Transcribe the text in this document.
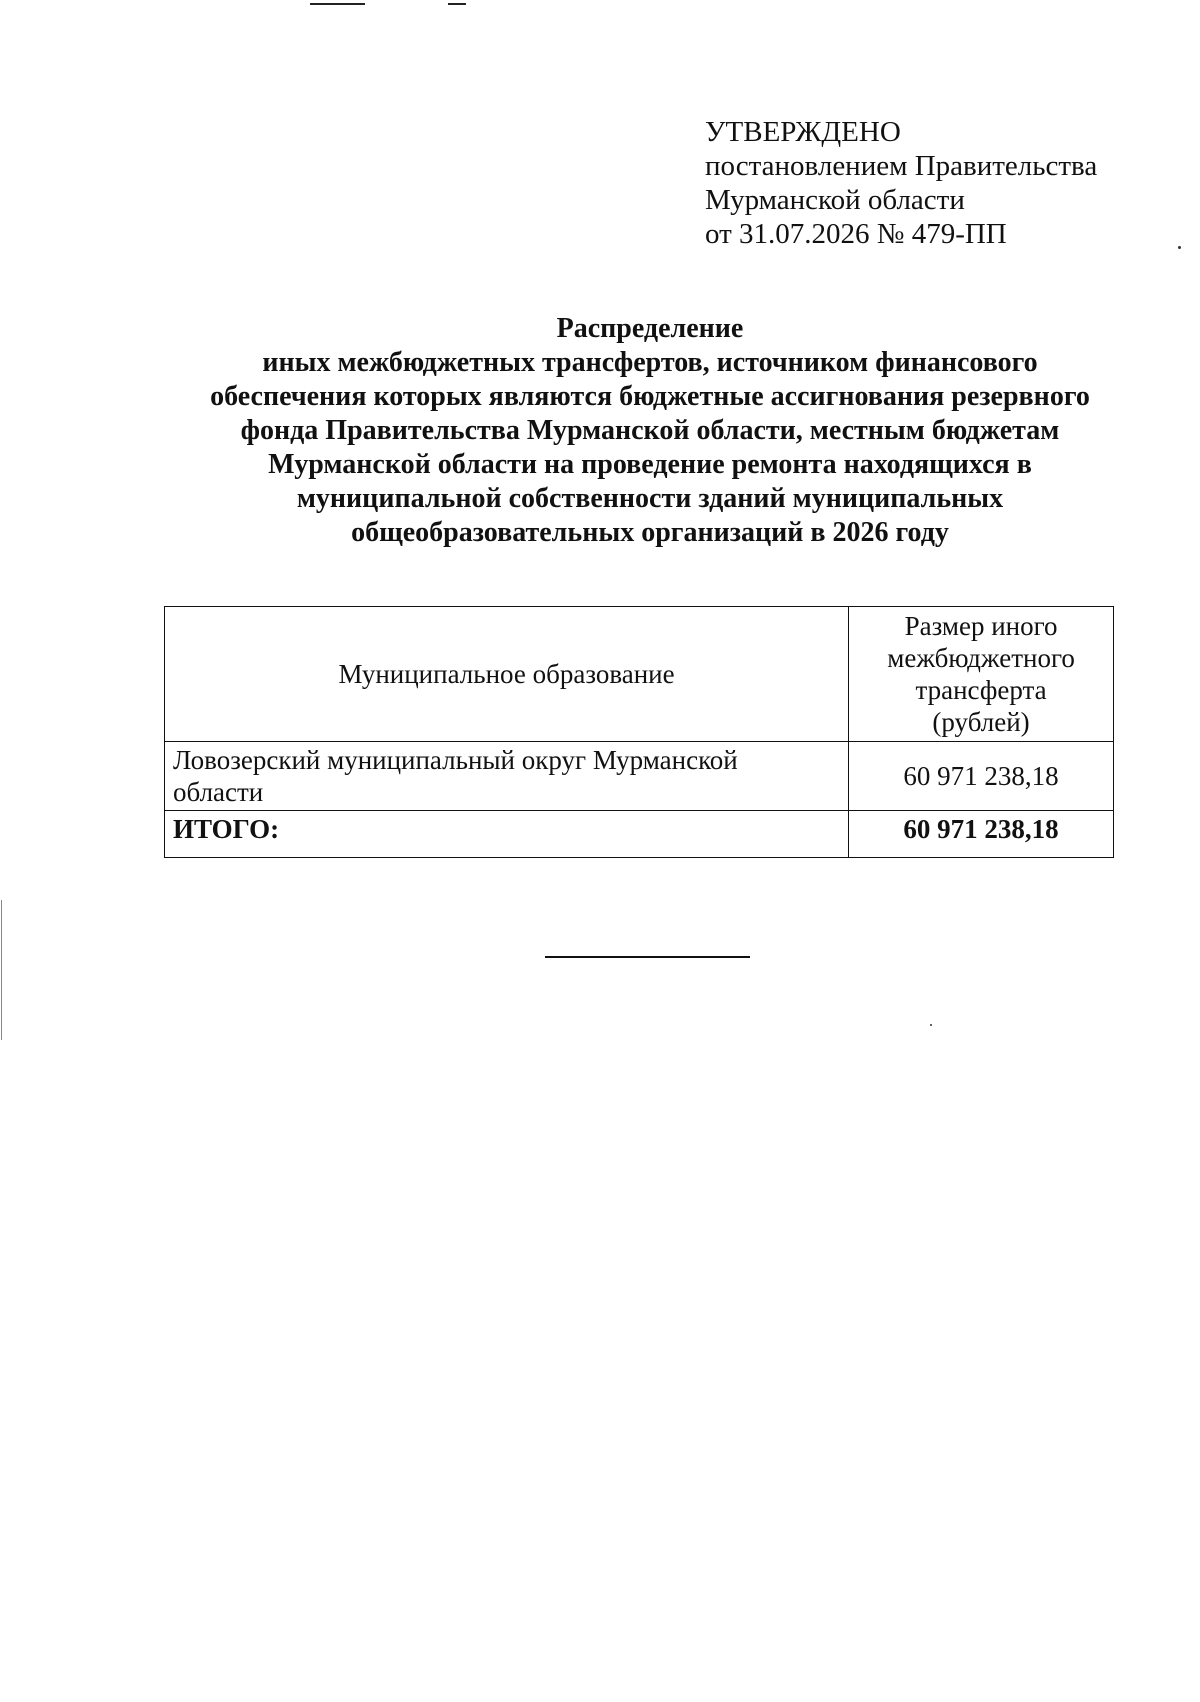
УТВЕРЖДЕНО
постановлением Правительства
Мурманской области
от 31.07.2026 № 479-ПП
Распределение
иных межбюджетных трансфертов, источником финансового
обеспечения которых являются бюджетные ассигнования резервного
фонда Правительства Мурманской области, местным бюджетам
Мурманской области на проведение ремонта находящихся в
муниципальной собственности зданий муниципальных
общеобразовательных организаций в 2026 году
Муниципальное образование	Размер иного
межбюджетного
трансферта
(рублей)

Ловозерский муниципальный округ Мурманской
области	60 971 238,18
ИТОГО:	60 971 238,18
